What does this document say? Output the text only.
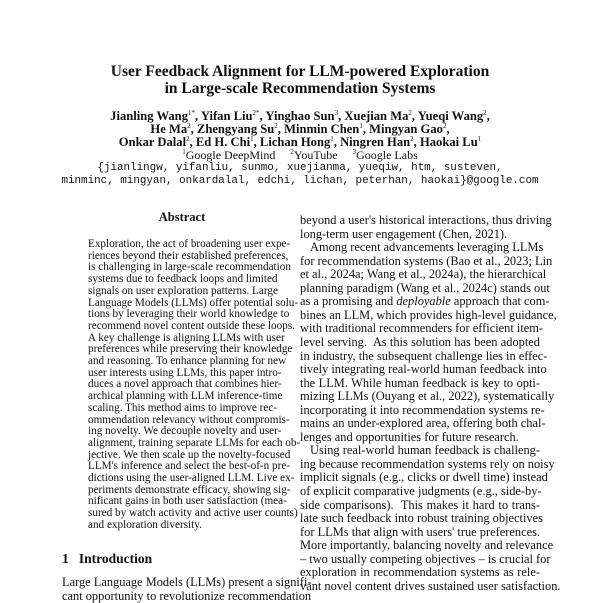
User Feedback Alignment for LLM-powered Exploration
in Large-scale Recommendation Systems
Jianling Wang$^{1*}$, Yifan Liu$^{2*}$, Yinghao Sun$^3$, Xuejian Ma$^2$, Yueqi Wang$^2$,
He Ma$^2$, Zhengyang Su$^2$, Minmin Chen$^1$, Mingyan Gao$^2$,
Onkar Dalal$^2$, Ed H. Chi$^1$, Lichan Hong$^1$, Ningren Han$^2$, Haokai Lu$^1$
$^1$Google DeepMind $^2$YouTube $^3$Google Labs
{jianlingw, yifanliu, sunmo, xuejianma, yueqiw, htm, susteven,
minminc, mingyan, onkardalal, edchi, lichan, peterhan, haokai}@google.com
Abstract
Exploration, the act of broadening user expe-
riences beyond their established preferences,
is challenging in large-scale recommendation
systems due to feedback loops and limited
signals on user exploration patterns. Large
Language Models (LLMs) offer potential solu-
tions by leveraging their world knowledge to
recommend novel content outside these loops.
A key challenge is aligning LLMs with user
preferences while preserving their knowledge
and reasoning. To enhance planning for new
user interests using LLMs, this paper intro-
duces a novel approach that combines hier-
archical planning with LLM inference-time
scaling. This method aims to improve rec-
ommendation relevancy without compromis-
ing novelty. We decouple novelty and user-
alignment, training separate LLMs for each ob-
jective. We then scale up the novelty-focused
LLM's inference and select the best-of-n pre-
dictions using the user-aligned LLM. Live ex-
periments demonstrate efficacy, showing sig-
nificant gains in both user satisfaction (mea-
sured by watch activity and active user counts)
and exploration diversity.
1 Introduction
Large Language Models (LLMs) present a signifi-
cant opportunity to revolutionize recommendation
beyond a user's historical interactions, thus driving
long-term user engagement (Chen, 2021).
Among recent advancements leveraging LLMs
for recommendation systems (Bao et al., 2023; Lin
et al., 2024a; Wang et al., 2024a), the hierarchical
planning paradigm (Wang et al., 2024c) stands out
as a promising and deployable approach that com-
bines an LLM, which provides high-level guidance,
with traditional recommenders for efficient item-
level serving.  As this solution has been adopted
in industry, the subsequent challenge lies in effec-
tively integrating real-world human feedback into
the LLM. While human feedback is key to opti-
mizing LLMs (Ouyang et al., 2022), systematically
incorporating it into recommendation systems re-
mains an under-explored area, offering both chal-
lenges and opportunities for future research.
Using real-world human feedback is challeng-
ing because recommendation systems rely on noisy
implicit signals (e.g., clicks or dwell time) instead
of explicit comparative judgments (e.g., side-by-
side comparisons).  This makes it hard to trans-
late such feedback into robust training objectives
for LLMs that align with users' true preferences.
More importantly, balancing novelty and relevance
– two usually competing objectives – is crucial for
exploration in recommendation systems as rele-
vant novel content drives sustained user satisfaction.
